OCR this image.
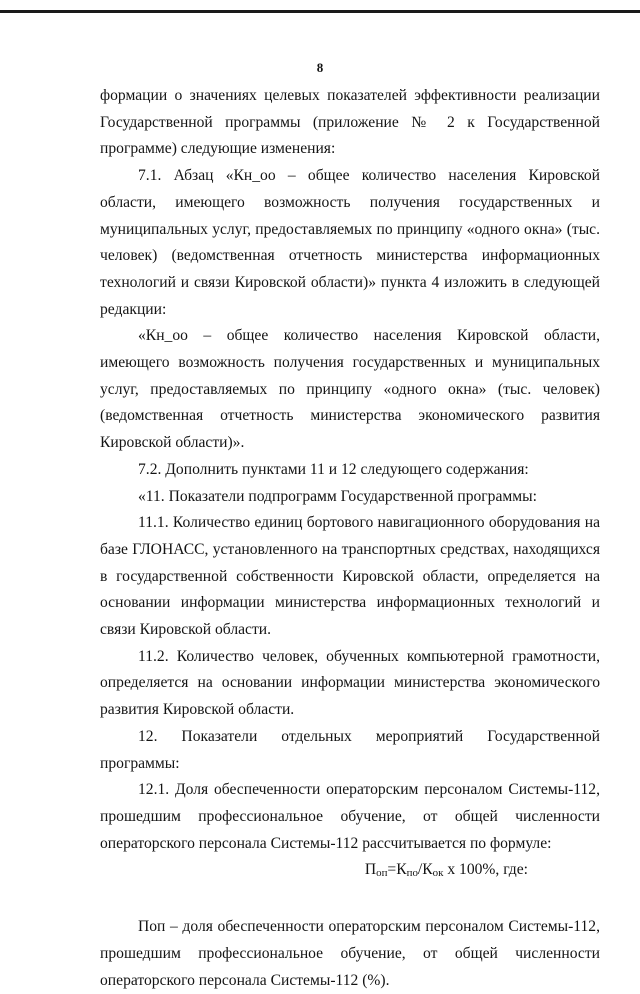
8

формации о значениях целевых показателей эффективности реализации Государственной программы (приложение № 2 к Государственной программе) следующие изменения:

7.1. Абзац «Кн_оо – общее количество населения Кировской области, имеющего возможность получения государственных и муниципальных услуг, предоставляемых по принципу «одного окна» (тыс. человек) (ведомственная отчетность министерства информационных технологий и связи Кировской области)» пункта 4 изложить в следующей редакции:

«Кн_оо – общее количество населения Кировской области, имеющего возможность получения государственных и муниципальных услуг, предоставляемых по принципу «одного окна» (тыс. человек) (ведомственная отчетность министерства экономического развития Кировской области)».

7.2. Дополнить пунктами 11 и 12 следующего содержания:

«11. Показатели подпрограмм Государственной программы:

11.1. Количество единиц бортового навигационного оборудования на базе ГЛОНАСС, установленного на транспортных средствах, находящихся в государственной собственности Кировской области, определяется на основании информации министерства информационных технологий и связи Кировской области.

11.2. Количество человек, обученных компьютерной грамотности, определяется на основании информации министерства экономического развития Кировской области.

12. Показатели отдельных мероприятий Государственной программы:

12.1. Доля обеспеченности операторским персоналом Системы-112, прошедшим профессиональное обучение, от общей численности операторского персонала Системы-112 рассчитывается по формуле:

$П_{оп}=К_{по}/К_{ок}$ х 100%, где:

Поп – доля обеспеченности операторским персоналом Системы-112, прошедшим профессиональное обучение, от общей численности операторского персонала Системы-112 (%).
